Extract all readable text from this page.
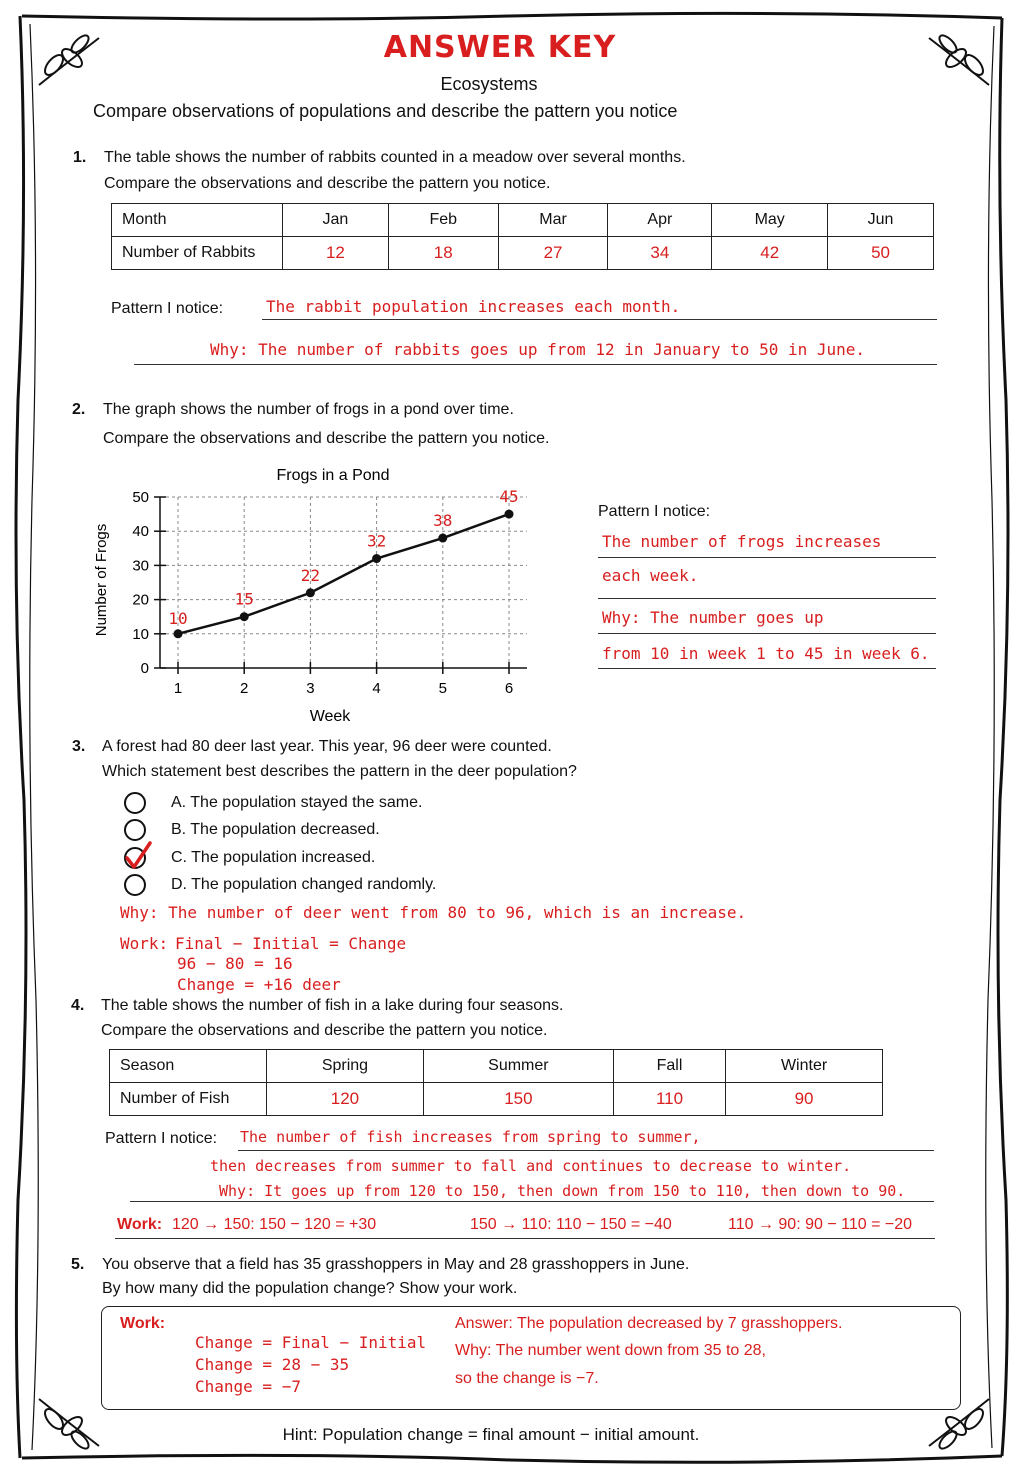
ANSWER KEY
Ecosystems
Compare observations of populations and describe the pattern you notice
1. The table shows the number of rabbits counted in a meadow over several months.
Compare the observations and describe the pattern you notice.
Month	Jan	Feb	Mar	Apr	May	Jun
Number of Rabbits	12	18	27	34	42	50
Pattern I notice:	The rabbit population increases each month.
Why: The number of rabbits goes up from 12 in January to 50 in June.
2. The graph shows the number of frogs in a pond over time.
Compare the observations and describe the pattern you notice.
Frogs in a Pond
Week
Number of Frogs
0
10
20
30
40
50
1	2	3	4	5	6
10
15
22
32
38
45
Pattern I notice:
The number of frogs increases
each week.
Why: The number goes up
from 10 in week 1 to 45 in week 6.
3. A forest had 80 deer last year. This year, 96 deer were counted.
Which statement best describes the pattern in the deer population?
A. The population stayed the same.
B. The population decreased.
C. The population increased.
D. The population changed randomly.
Why: The number of deer went from 80 to 96, which is an increase.
Work: Final − Initial = Change
96 − 80 = 16
Change = +16 deer
4. The table shows the number of fish in a lake during four seasons.
Compare the observations and describe the pattern you notice.
Season	Spring	Summer	Fall	Winter
Number of Fish	120	150	110	90
Pattern I notice: The number of fish increases from spring to summer,
then decreases from summer to fall and continues to decrease to winter.
Why: It goes up from 120 to 150, then down from 150 to 110, then down to 90.
Work: 120 → 150: 150 − 120 = +30	150 → 110: 110 − 150 = −40	110 → 90: 90 − 110 = −20
5. You observe that a field has 35 grasshoppers in May and 28 grasshoppers in June.
By how many did the population change? Show your work.
Work:
Change = Final − Initial
Change = 28 − 35
Change = −7
Answer: The population decreased by 7 grasshoppers.
Why: The number went down from 35 to 28,
so the change is −7.
Hint: Population change = final amount − initial amount.
